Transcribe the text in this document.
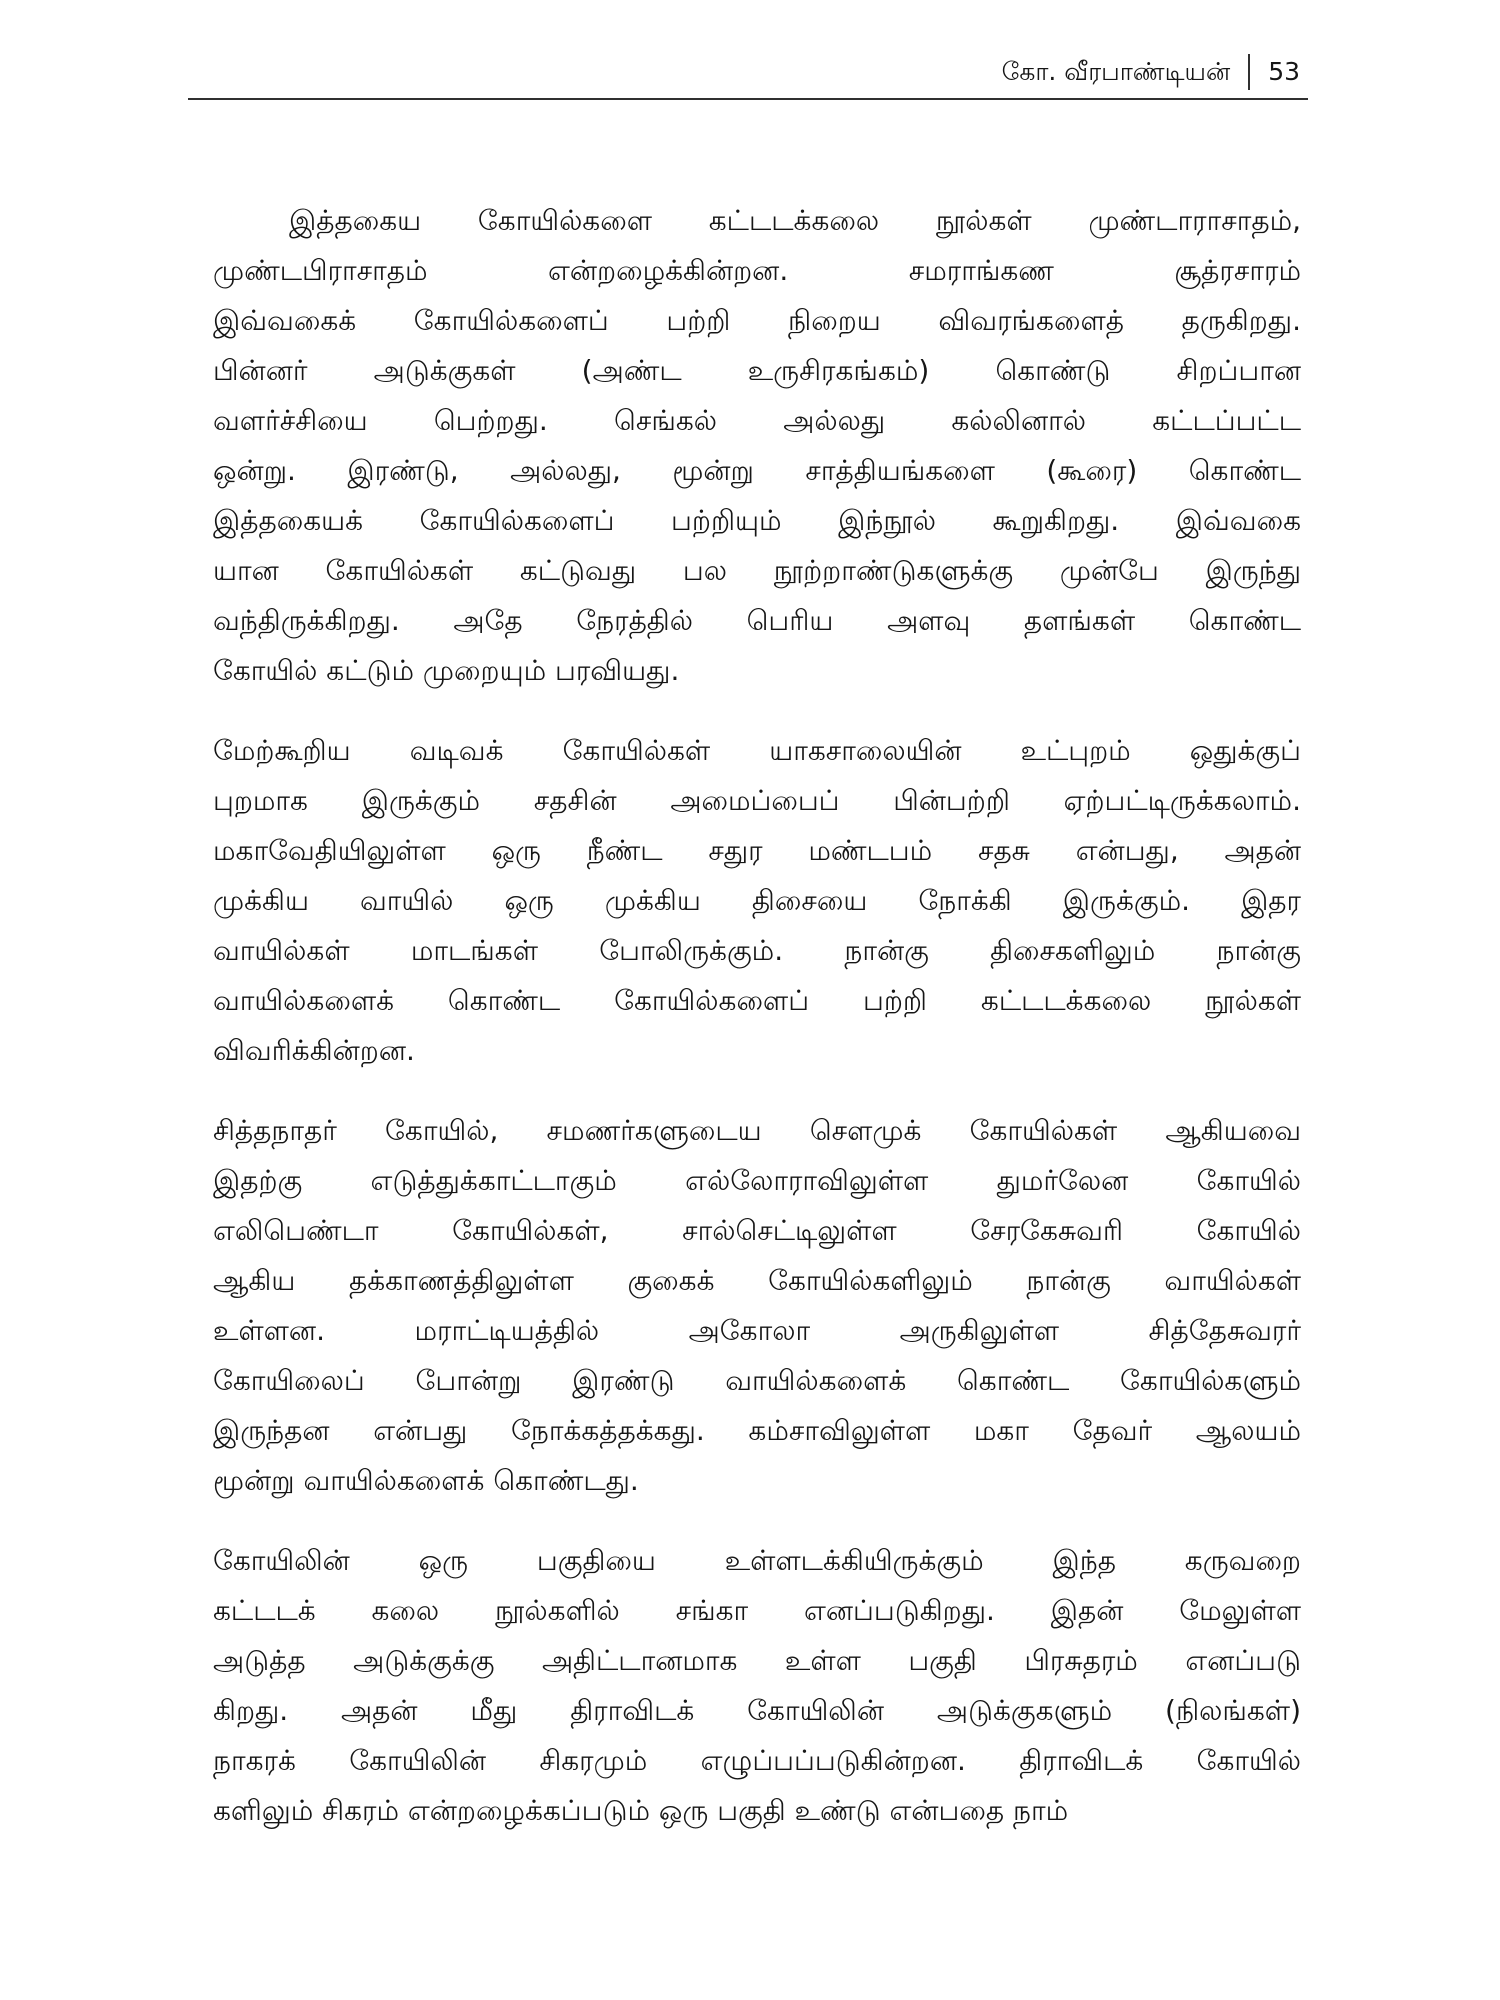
கோ. வீரபாண்டியன்	53
இத்தகைய கோயில்களை கட்டடக்கலை நூல்கள் முண்டாராசாதம்,
முண்டபிராசாதம் என்றழைக்கின்றன. சமராங்கண சூத்ரசாரம்
இவ்வகைக் கோயில்களைப் பற்றி நிறைய விவரங்களைத் தருகிறது.
பின்னர் அடுக்குகள் (அண்ட உருசிரகங்கம்) கொண்டு சிறப்பான
வளர்ச்சியை பெற்றது. செங்கல் அல்லது கல்லினால் கட்டப்பட்ட
ஒன்று. இரண்டு, அல்லது, மூன்று சாத்தியங்களை (கூரை) கொண்ட
இத்தகையக் கோயில்களைப் பற்றியும் இந்நூல் கூறுகிறது. இவ்வகை
யான கோயில்கள் கட்டுவது பல நூற்றாண்டுகளுக்கு முன்பே இருந்து
வந்திருக்கிறது. அதே நேரத்தில் பெரிய அளவு தளங்கள் கொண்ட
கோயில் கட்டும் முறையும் பரவியது.
மேற்கூறிய வடிவக் கோயில்கள் யாகசாலையின் உட்புறம் ஒதுக்குப்
புறமாக இருக்கும் சதசின் அமைப்பைப் பின்பற்றி ஏற்பட்டிருக்கலாம்.
மகாவேதியிலுள்ள ஒரு நீண்ட சதுர மண்டபம் சதசு என்பது, அதன்
முக்கிய வாயில் ஒரு முக்கிய திசையை நோக்கி இருக்கும். இதர
வாயில்கள் மாடங்கள் போலிருக்கும். நான்கு திசைகளிலும் நான்கு
வாயில்களைக் கொண்ட கோயில்களைப் பற்றி கட்டடக்கலை நூல்கள்
விவரிக்கின்றன.
சித்தநாதர் கோயில், சமணர்களுடைய சௌமுக் கோயில்கள் ஆகியவை
இதற்கு எடுத்துக்காட்டாகும் எல்லோராவிலுள்ள துமர்லேன கோயில்
எலிபெண்டா கோயில்கள், சால்செட்டிலுள்ள சேரகேசுவரி கோயில்
ஆகிய தக்காணத்திலுள்ள குகைக் கோயில்களிலும் நான்கு வாயில்கள்
உள்ளன. மராட்டியத்தில் அகோலா அருகிலுள்ள சித்தேசுவரர்
கோயிலைப் போன்று இரண்டு வாயில்களைக் கொண்ட கோயில்களும்
இருந்தன என்பது நோக்கத்தக்கது. கம்சாவிலுள்ள மகா தேவர் ஆலயம்
மூன்று வாயில்களைக் கொண்டது.
கோயிலின் ஒரு பகுதியை உள்ளடக்கியிருக்கும் இந்த கருவறை
கட்டடக் கலை நூல்களில் சங்கா எனப்படுகிறது. இதன் மேலுள்ள
அடுத்த அடுக்குக்கு அதிட்டானமாக உள்ள பகுதி பிரசுதரம் எனப்படு
கிறது. அதன் மீது திராவிடக் கோயிலின் அடுக்குகளும் (நிலங்கள்)
நாகரக் கோயிலின் சிகரமும் எழுப்பப்படுகின்றன. திராவிடக் கோயில்
களிலும் சிகரம் என்றழைக்கப்படும் ஒரு பகுதி உண்டு என்பதை நாம்
